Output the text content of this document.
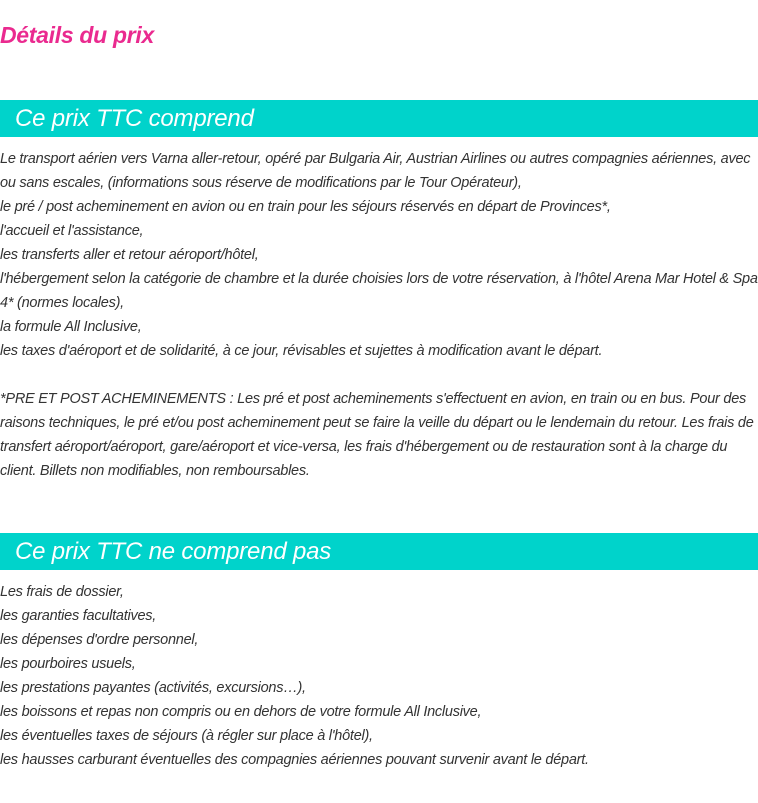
Détails du prix
Ce prix TTC comprend
Le transport aérien vers Varna aller-retour, opéré par Bulgaria Air, Austrian Airlines ou autres compagnies aériennes, avec ou sans escales, (informations sous réserve de modifications par le Tour Opérateur),
le pré / post acheminement en avion ou en train pour les séjours réservés en départ de Provinces*,
l'accueil et l'assistance,
les transferts aller et retour aéroport/hôtel,
l'hébergement selon la catégorie de chambre et la durée choisies lors de votre réservation, à l'hôtel Arena Mar Hotel & Spa 4* (normes locales),
la formule All Inclusive,
les taxes d'aéroport et de solidarité, à ce jour, révisables et sujettes à modification avant le départ.

*PRE ET POST ACHEMINEMENTS : Les pré et post acheminements s'effectuent en avion, en train ou en bus. Pour des raisons techniques, le pré et/ou post acheminement peut se faire la veille du départ ou le lendemain du retour. Les frais de transfert aéroport/aéroport, gare/aéroport et vice-versa, les frais d'hébergement ou de restauration sont à la charge du client. Billets non modifiables, non remboursables.

Ce prix TTC ne comprend pas
Les frais de dossier,
les garanties facultatives,
les dépenses d'ordre personnel,
les pourboires usuels,
les prestations payantes (activités, excursions…),
les boissons et repas non compris ou en dehors de votre formule All Inclusive,
les éventuelles taxes de séjours (à régler sur place à l'hôtel),
les hausses carburant éventuelles des compagnies aériennes pouvant survenir avant le départ.
